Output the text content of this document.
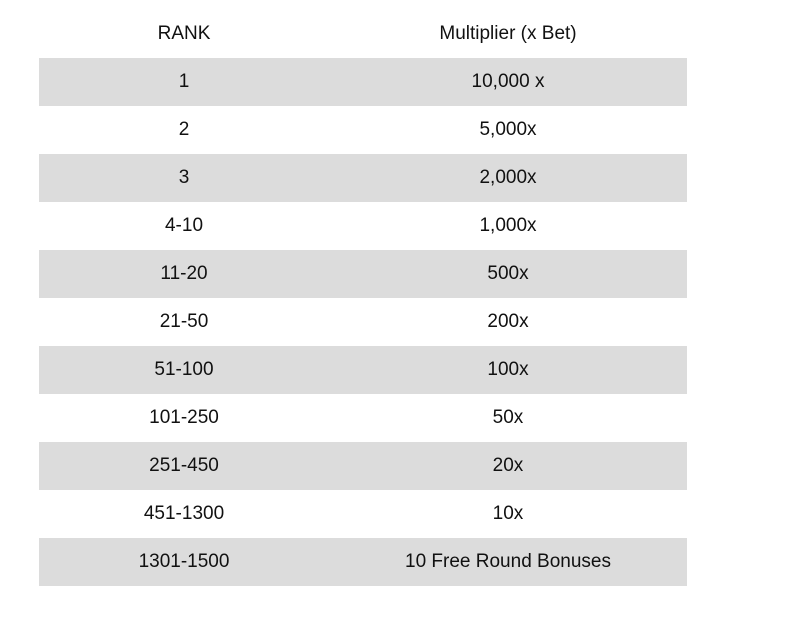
RANK	Multiplier (x Bet)
1	10,000 x
2	5,000x
3	2,000x
4-10	1,000x
11-20	500x
21-50	200x
51-100	100x
101-250	50x
251-450	20x
451-1300	10x
1301-1500	10 Free Round Bonuses
